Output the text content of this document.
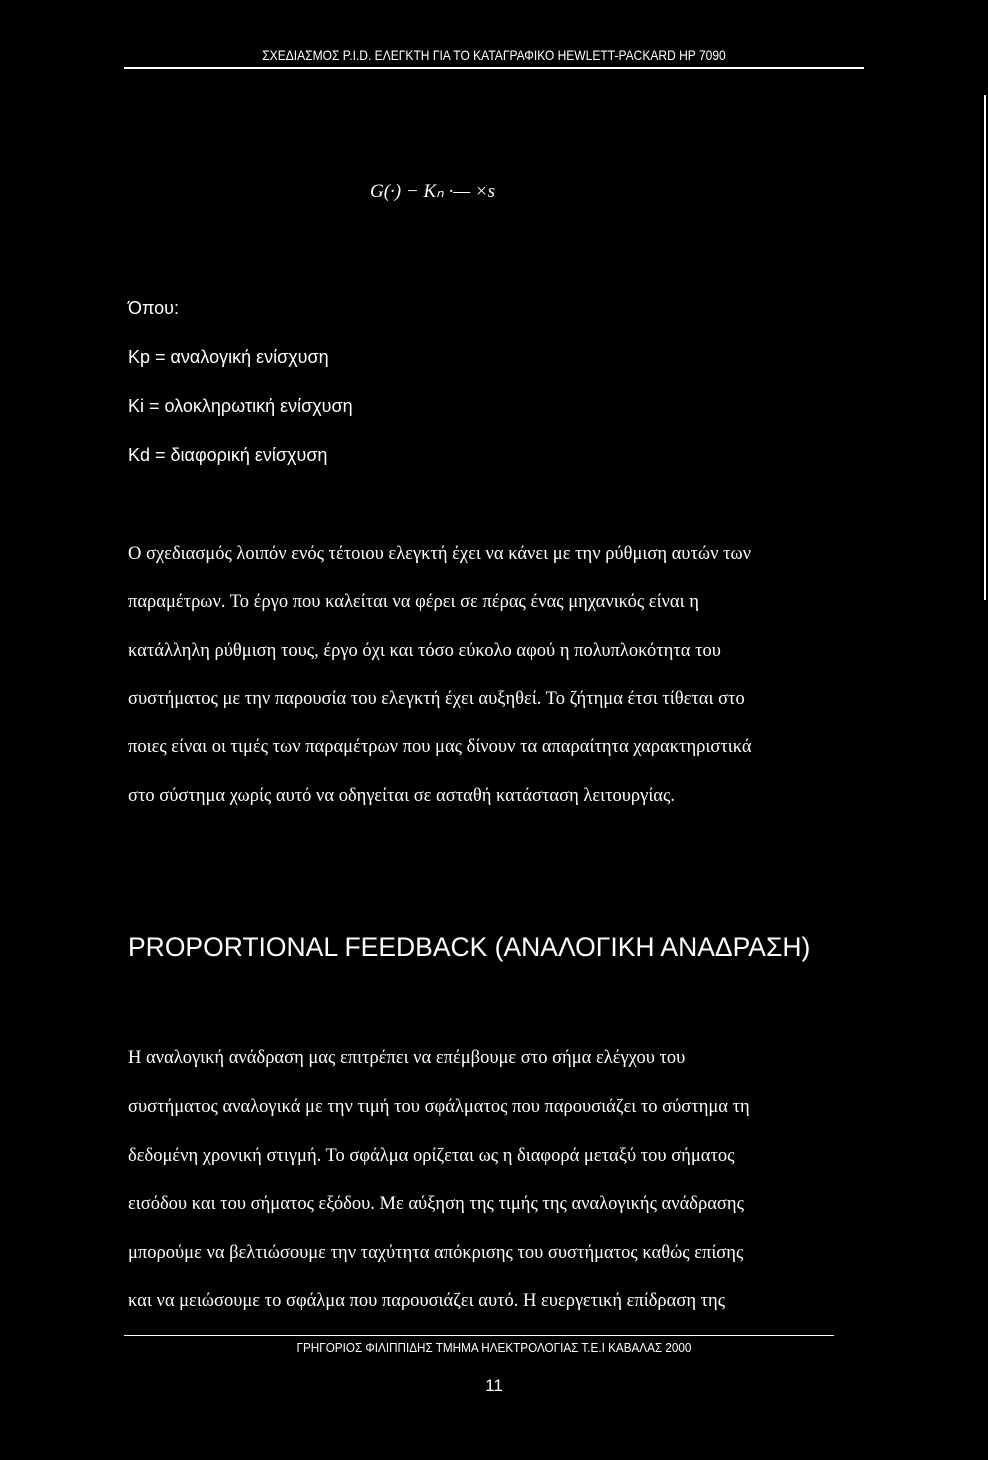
ΣΧΕΔΙΑΣΜΟΣ P.I.D. ΕΛΕΓΚΤΗ ΓΙΑ ΤΟ ΚΑΤΑΓΡΑΦΙΚΟ HEWLETT-PACKARD HP 7090
G(·) − Kₙ ·— ×s
Όπου:
Kp = αναλογική ενίσχυση
Ki = ολοκληρωτική ενίσχυση
Kd = διαφορική ενίσχυση
Ο σχεδιασμός λοιπόν ενός τέτοιου ελεγκτή έχει να κάνει με την ρύθμιση αυτών των
παραμέτρων. Το έργο που καλείται να φέρει σε πέρας ένας μηχανικός είναι η
κατάλληλη ρύθμιση τους, έργο όχι και τόσο εύκολο αφού η πολυπλοκότητα του
συστήματος με την παρουσία του ελεγκτή έχει αυξηθεί. Το ζήτημα έτσι τίθεται στο
ποιες είναι οι τιμές των παραμέτρων που μας δίνουν τα απαραίτητα χαρακτηριστικά
στο σύστημα χωρίς αυτό να οδηγείται σε ασταθή κατάσταση λειτουργίας.
PROPORTIONAL FEEDBACK (ΑΝΑΛΟΓΙΚΗ ΑΝΑΔΡΑΣΗ)
Η αναλογική ανάδραση μας επιτρέπει να επέμβουμε στο σήμα ελέγχου του
συστήματος αναλογικά με την τιμή του σφάλματος που παρουσιάζει το σύστημα τη
δεδομένη χρονική στιγμή. Το σφάλμα ορίζεται ως η διαφορά μεταξύ του σήματος
εισόδου και του σήματος εξόδου. Με αύξηση της τιμής της αναλογικής ανάδρασης
μπορούμε να βελτιώσουμε την ταχύτητα απόκρισης του συστήματος καθώς επίσης
και να μειώσουμε το σφάλμα που παρουσιάζει αυτό. Η ευεργετική επίδραση της
ΓΡΗΓΟΡΙΟΣ ΦΙΛΙΠΠΙΔΗΣ ΤΜΗΜΑ ΗΛΕΚΤΡΟΛΟΓΙΑΣ Τ.Ε.Ι ΚΑΒΑΛΑΣ 2000
11
